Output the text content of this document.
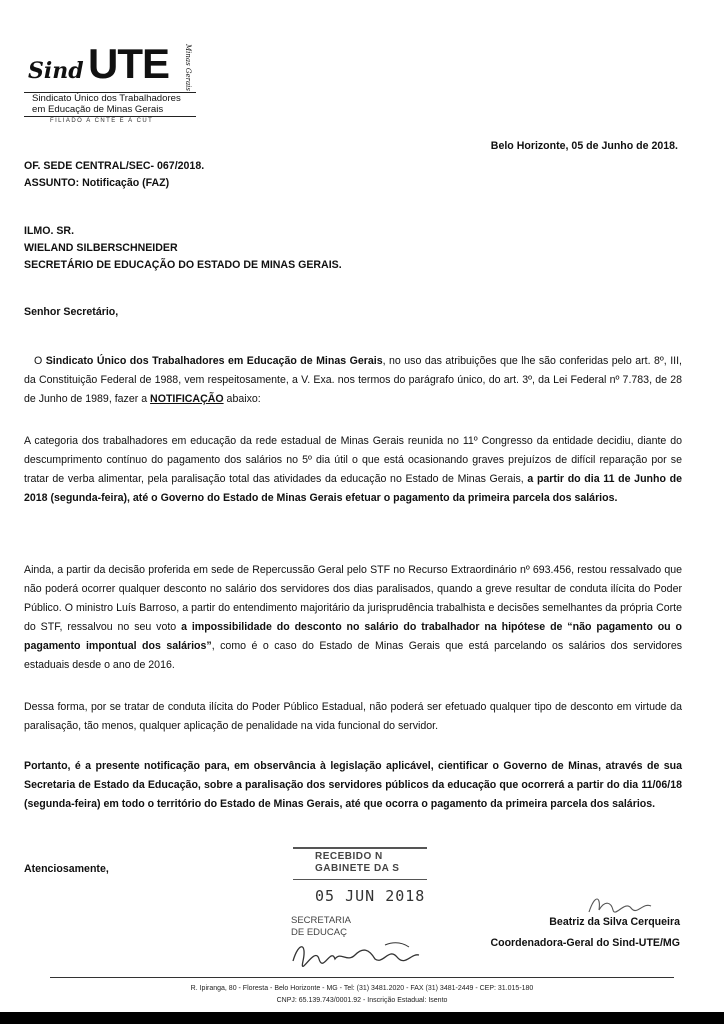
Sind UTE Minas Gerais
Sindicato Único dos Trabalhadores
em Educação de Minas Gerais
FILIADO À CNTE E À CUT
Belo Horizonte, 05 de Junho de 2018.
OF. SEDE CENTRAL/SEC- 067/2018.
ASSUNTO: Notificação (FAZ)
ILMO. SR.
WIELAND SILBERSCHNEIDER
SECRETÁRIO DE EDUCAÇÃO DO ESTADO DE MINAS GERAIS.
Senhor Secretário,
O Sindicato Único dos Trabalhadores em Educação de Minas Gerais, no uso das atribuições que lhe são conferidas pelo art. 8º, III, da Constituição Federal de 1988, vem respeitosamente, a V. Exa. nos termos do parágrafo único, do art. 3º, da Lei Federal nº 7.783, de 28 de Junho de 1989, fazer a NOTIFICAÇÃO abaixo:
A categoria dos trabalhadores em educação da rede estadual de Minas Gerais reunida no 11º Congresso da entidade decidiu, diante do descumprimento contínuo do pagamento dos salários no 5º dia útil o que está ocasionando graves prejuízos de difícil reparação por se tratar de verba alimentar, pela paralisação total das atividades da educação no Estado de Minas Gerais, a partir do dia 11 de Junho de 2018 (segunda-feira), até o Governo do Estado de Minas Gerais efetuar o pagamento da primeira parcela dos salários.
Ainda, a partir da decisão proferida em sede de Repercussão Geral pelo STF no Recurso Extraordinário nº 693.456, restou ressalvado que não poderá ocorrer qualquer desconto no salário dos servidores dos dias paralisados, quando a greve resultar de conduta ilícita do Poder Público. O ministro Luís Barroso, a partir do entendimento majoritário da jurisprudência trabalhista e decisões semelhantes da própria Corte do STF, ressalvou no seu voto a impossibilidade do desconto no salário do trabalhador na hipótese de “não pagamento ou o pagamento impontual dos salários”, como é o caso do Estado de Minas Gerais que está parcelando os salários dos servidores estaduais desde o ano de 2016.
Dessa forma, por se tratar de conduta ilícita do Poder Público Estadual, não poderá ser efetuado qualquer tipo de desconto em virtude da paralisação, tão menos, qualquer aplicação de penalidade na vida funcional do servidor.
Portanto, é a presente notificação para, em observância à legislação aplicável, cientificar o Governo de Minas, através de sua Secretaria de Estado da Educação, sobre a paralisação dos servidores públicos da educação que ocorrerá a partir do dia 11/06/18 (segunda-feira) em todo o território do Estado de Minas Gerais, até que ocorra o pagamento da primeira parcela dos salários.
Atenciosamente,
RECEBIDO N
GABINETE DA S
05 JUN 2018
SECRETARIA
DE EDUCAÇ
Beatriz da Silva Cerqueira
Coordenadora-Geral do Sind-UTE/MG
R. Ipiranga, 80 - Floresta - Belo Horizonte - MG - Tel: (31) 3481.2020 - FAX (31) 3481-2449 - CEP: 31.015-180
CNPJ: 65.139.743/0001.92 - Inscrição Estadual: Isento
